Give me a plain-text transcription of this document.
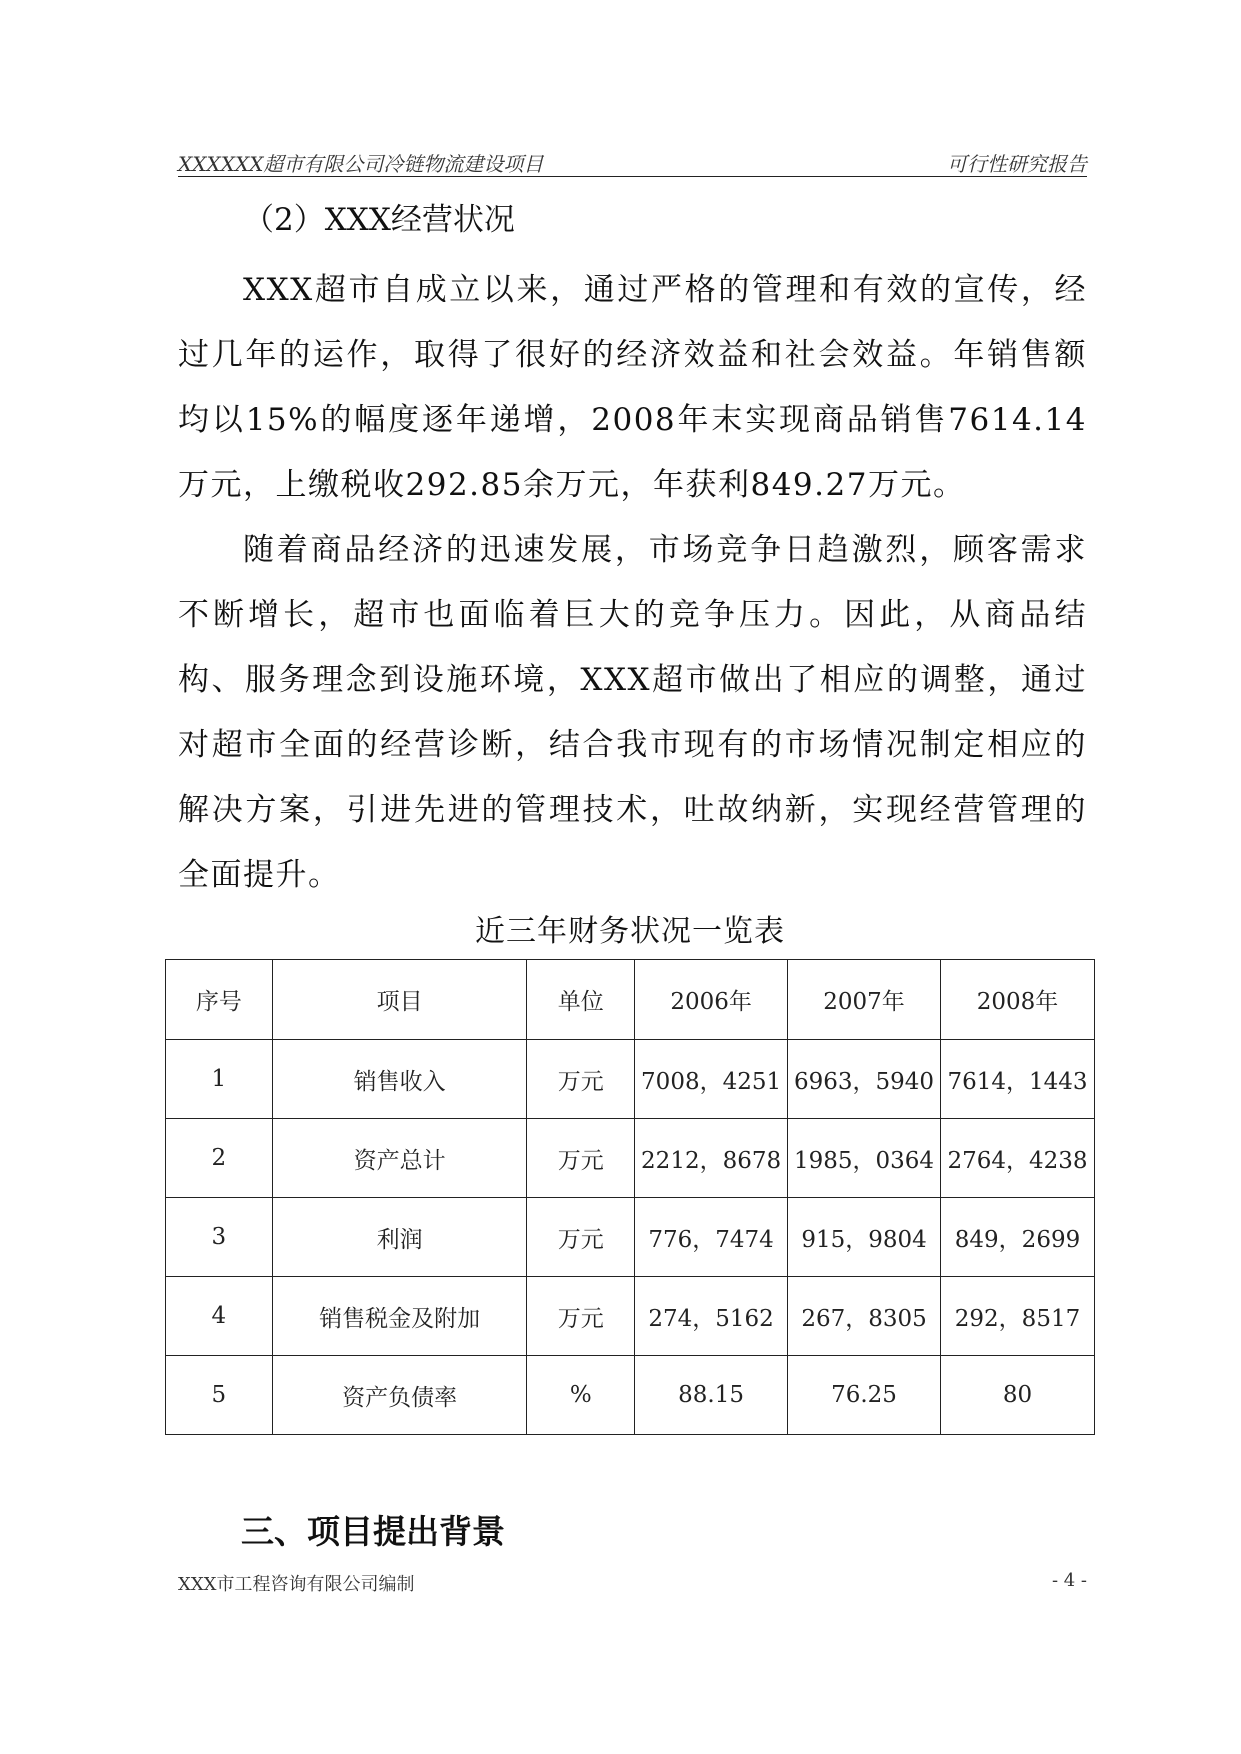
XXXXXX超市有限公司冷链物流建设项目	可行性研究报告
（2）XXX经营状况

XXX超市自成立以来，通过严格的管理和有效的宣传，经过几年的运作，取得了很好的经济效益和社会效益。年销售额均以15%的幅度逐年递增，2008年末实现商品销售7614.14万元，上缴税收292.85余万元，年获利849.27万元。

随着商品经济的迅速发展，市场竞争日趋激烈，顾客需求不断增长，超市也面临着巨大的竞争压力。因此，从商品结构、服务理念到设施环境，XXX超市做出了相应的调整，通过对超市全面的经营诊断，结合我市现有的市场情况制定相应的解决方案，引进先进的管理技术，吐故纳新，实现经营管理的全面提升。

近三年财务状况一览表
序号	项目	单位	2006年	2007年	2008年
1	销售收入	万元	7008，4251	6963，5940	7614，1443
2	资产总计	万元	2212，8678	1985，0364	2764，4238
3	利润	万元	776，7474	915，9804	849，2699
4	销售税金及附加	万元	274，5162	267，8305	292，8517
5	资产负债率	%	88.15	76.25	80
三、项目提出背景
XXX市工程咨询有限公司编制	- 4 -
